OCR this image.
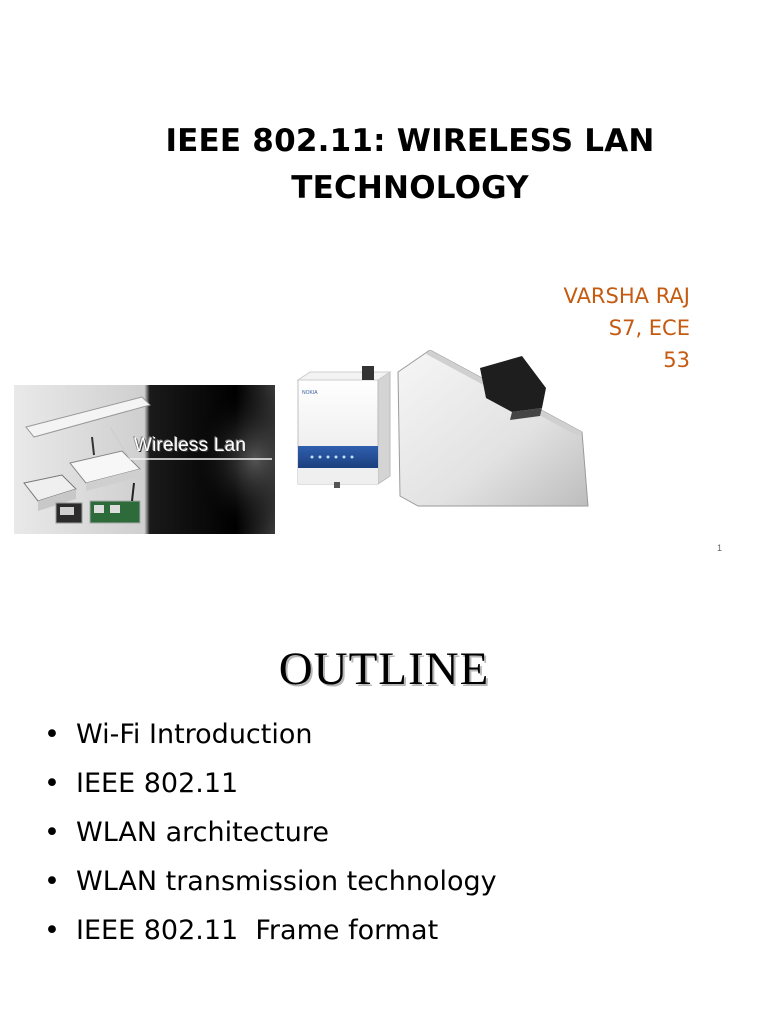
IEEE 802.11: WIRELESS LAN
TECHNOLOGY
VARSHA RAJ
S7, ECE
53
Wireless Lan
NOKIA
1
OUTLINE
• Wi-Fi Introduction
• IEEE 802.11
• WLAN architecture
• WLAN transmission technology
• IEEE 802.11  Frame format
